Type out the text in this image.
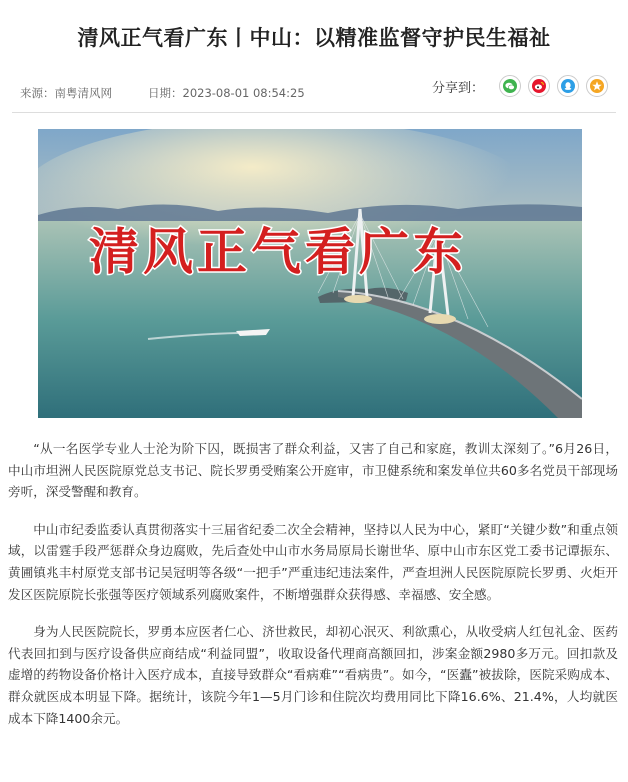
清风正气看广东丨中山：以精准监督守护民生福祉
来源：南粤清风网	日期：2023-08-01 08:54:25	分享到：
清风正气看广东

“从一名医学专业人士沦为阶下囚，既损害了群众利益，又害了自己和家庭，教训太深刻了。”6月26日，中山市坦洲人民医院原党总支书记、院长罗勇受贿案公开庭审，市卫健系统和案发单位共60多名党员干部现场旁听，深受警醒和教育。

中山市纪委监委认真贯彻落实十三届省纪委二次全会精神，坚持以人民为中心，紧盯“关键少数”和重点领域，以雷霆手段严惩群众身边腐败，先后查处中山市水务局原局长谢世华、原中山市东区党工委书记谭振东、黄圃镇兆丰村原党支部书记吴冠明等各级“一把手”严重违纪违法案件，严查坦洲人民医院原院长罗勇、火炬开发区医院原院长张强等医疗领域系列腐败案件，不断增强群众获得感、幸福感、安全感。

身为人民医院院长，罗勇本应医者仁心、济世救民，却初心泯灭、利欲熏心，从收受病人红包礼金、医药代表回扣到与医疗设备供应商结成“利益同盟”，收取设备代理商高额回扣，涉案金额2980多万元。回扣款及虚增的药物设备价格计入医疗成本，直接导致群众“看病难”“看病贵”。如今，“医蠹”被拔除，医院采购成本、群众就医成本明显下降。据统计，该院今年1—5月门诊和住院次均费用同比下降16.6%、21.4%，人均就医成本下降1400余元。
